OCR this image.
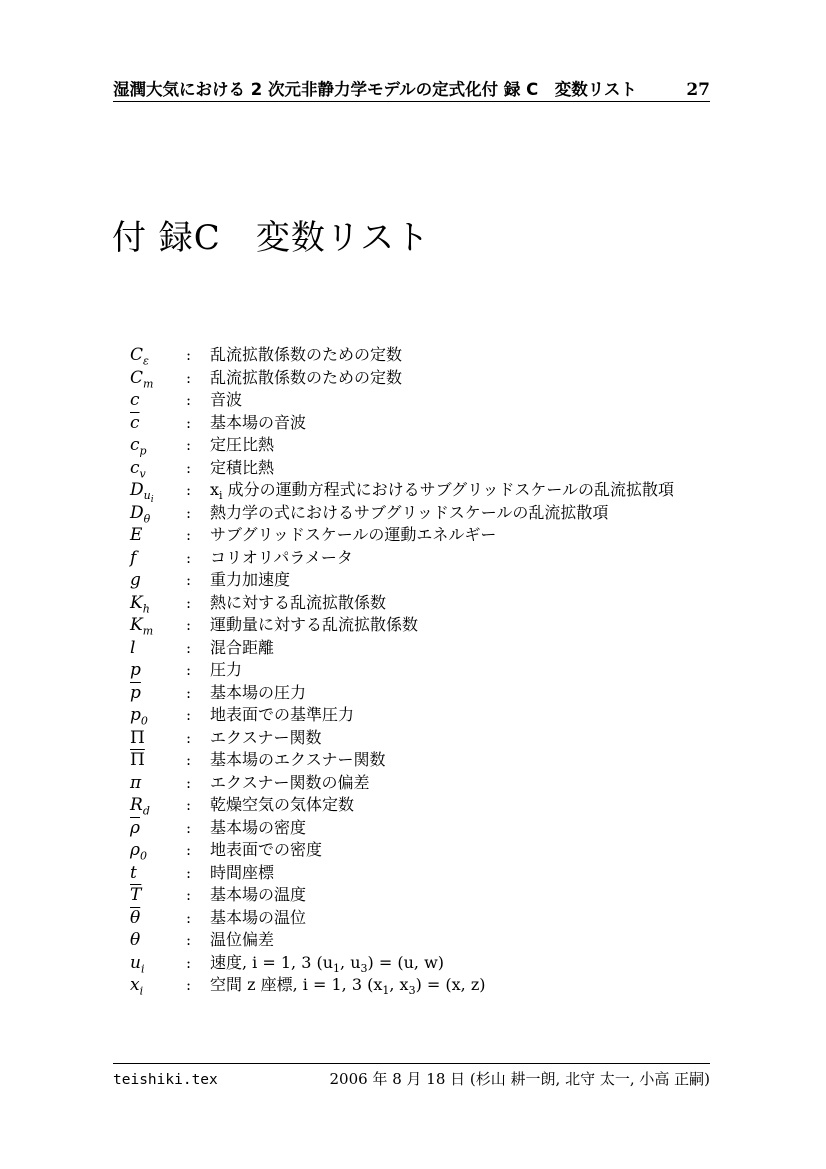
湿潤大気における 2 次元非静力学モデルの定式化付 録 C　変数リスト	27
付 録C　変数リスト
$C_\varepsilon$ : 乱流拡散係数のための定数
$C_m$ : 乱流拡散係数のための定数
c	: 音波
$\overline{c}$	: 基本場の音波
$c_p$	: 定圧比熱
$c_v$	: 定積比熱
$D_{u_i}$: $x_i$ 成分の運動方程式におけるサブグリッドスケールの乱流拡散項
$D_\theta$ : 熱力学の式におけるサブグリッドスケールの乱流拡散項
E	: サブグリッドスケールの運動エネルギー
f	: コリオリパラメータ
g	: 重力加速度
$K_h$ : 熱に対する乱流拡散係数
$K_m$ : 運動量に対する乱流拡散係数
l	: 混合距離
p	: 圧力
$\overline{p}$	: 基本場の圧力
$p_0$	: 地表面での基準圧力
Π	: エクスナー関数
$\overline{\Pi}$	: 基本場のエクスナー関数
π	: エクスナー関数の偏差
$R_d$ : 乾燥空気の気体定数
$\overline{\rho}$	: 基本場の密度
$\rho_0$	: 地表面での密度
t	: 時間座標
$\overline{T}$	: 基本場の温度
$\overline{\theta}$	: 基本場の温位
θ	: 温位偏差
$u_i$	: 速度, i = 1, 3 ($u_1$, $u_3) = (u$, w)
$x_i$	: 空間 z 座標, i = 1, 3 ($x_1$, $x_3) = (x$, z)
teishiki.tex	2006 年 8 月 18 日 (杉山 耕一朗, 北守 太一, 小高 正嗣)
